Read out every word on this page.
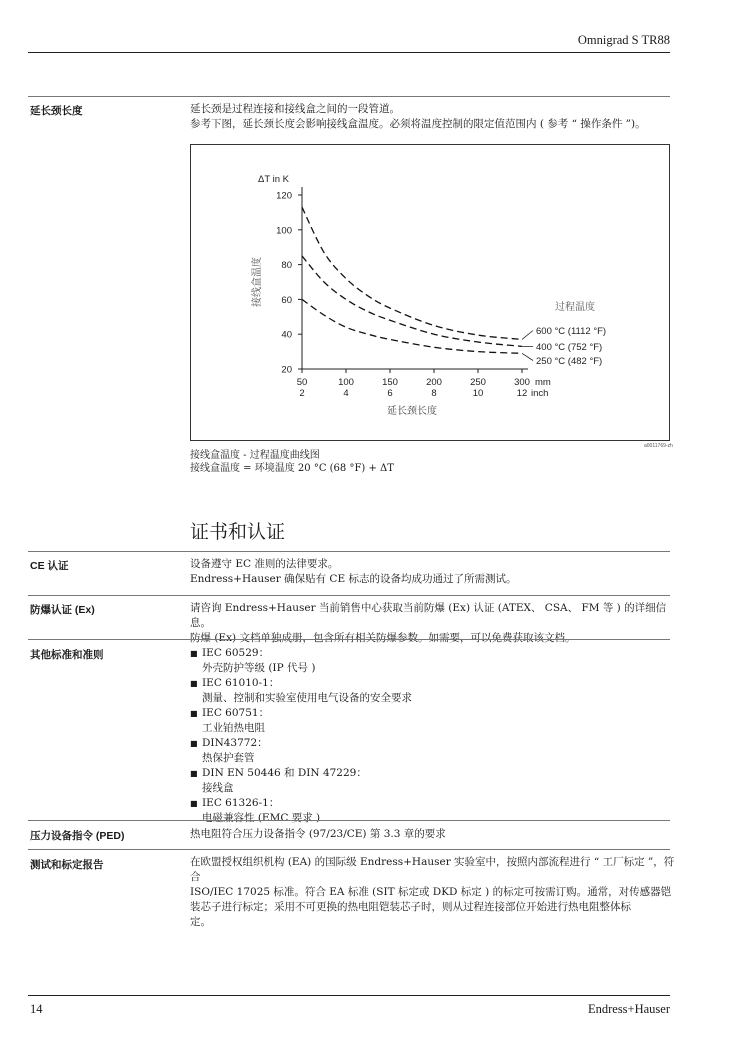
Omnigrad S TR88
延长颈长度	延长颈是过程连接和接线盒之间的一段管道。

参考下图，延长颈长度会影响接线盒温度。必须将温度控制的限定值范围内 ( 参考 “ 操作条件 ”)。

20
40
60
80
100
120
50
2
100
4
150
6
200
8
250
10
300
12
mm
inch
ΔT in K
接线盒温度
延长颈长度
过程温度
600 °C (1112 °F)
400 °C (752 °F)
250 °C (482 °F)
a0011769-zh
接线盒温度 - 过程温度曲线图
接线盒温度 = 环境温度 20 °C (68 °F) + ΔT
证书和认证
CE 认证	设备遵守 EC 准则的法律要求。

Endress+Hauser 确保贴有 CE 标志的设备均成功通过了所需测试。

防爆认证 (Ex)	请咨询 Endress+Hauser 当前销售中心获取当前防爆 (Ex) 认证 (ATEX、 CSA、 FM 等 ) 的详细信息。

防爆 (Ex) 文档单独成册，包含所有相关防爆参数。如需要，可以免费获取该文档。

其他标准和准则
■	IEC 60529：
外壳防护等级 (IP 代号 )
■ IEC 61010-1：
测量、控制和实验室使用电气设备的安全要求
■ IEC 60751：
工业铂热电阻
■ DIN43772：
热保护套管
■ DIN EN 50446 和 DIN 47229：
接线盒
■ IEC 61326-1：
电磁兼容性 (EMC 要求 )
压力设备指令 (PED)	热电阻符合压力设备指令 (97/23/CE) 第 3.3 章的要求
测试和标定报告	在欧盟授权组织机构 (EA) 的国际级 Endress+Hauser 实验室中，按照内部流程进行 “ 工厂标定 ”，符合

ISO/IEC 17025 标准。符合 EA 标准 (SIT 标定或 DKD 标定 ) 的标定可按需订购。通常，对传感器铠

装芯子进行标定；采用不可更换的热电阻铠装芯子时，则从过程连接部位开始进行热电阻整体标

定。

14	Endress+Hauser
